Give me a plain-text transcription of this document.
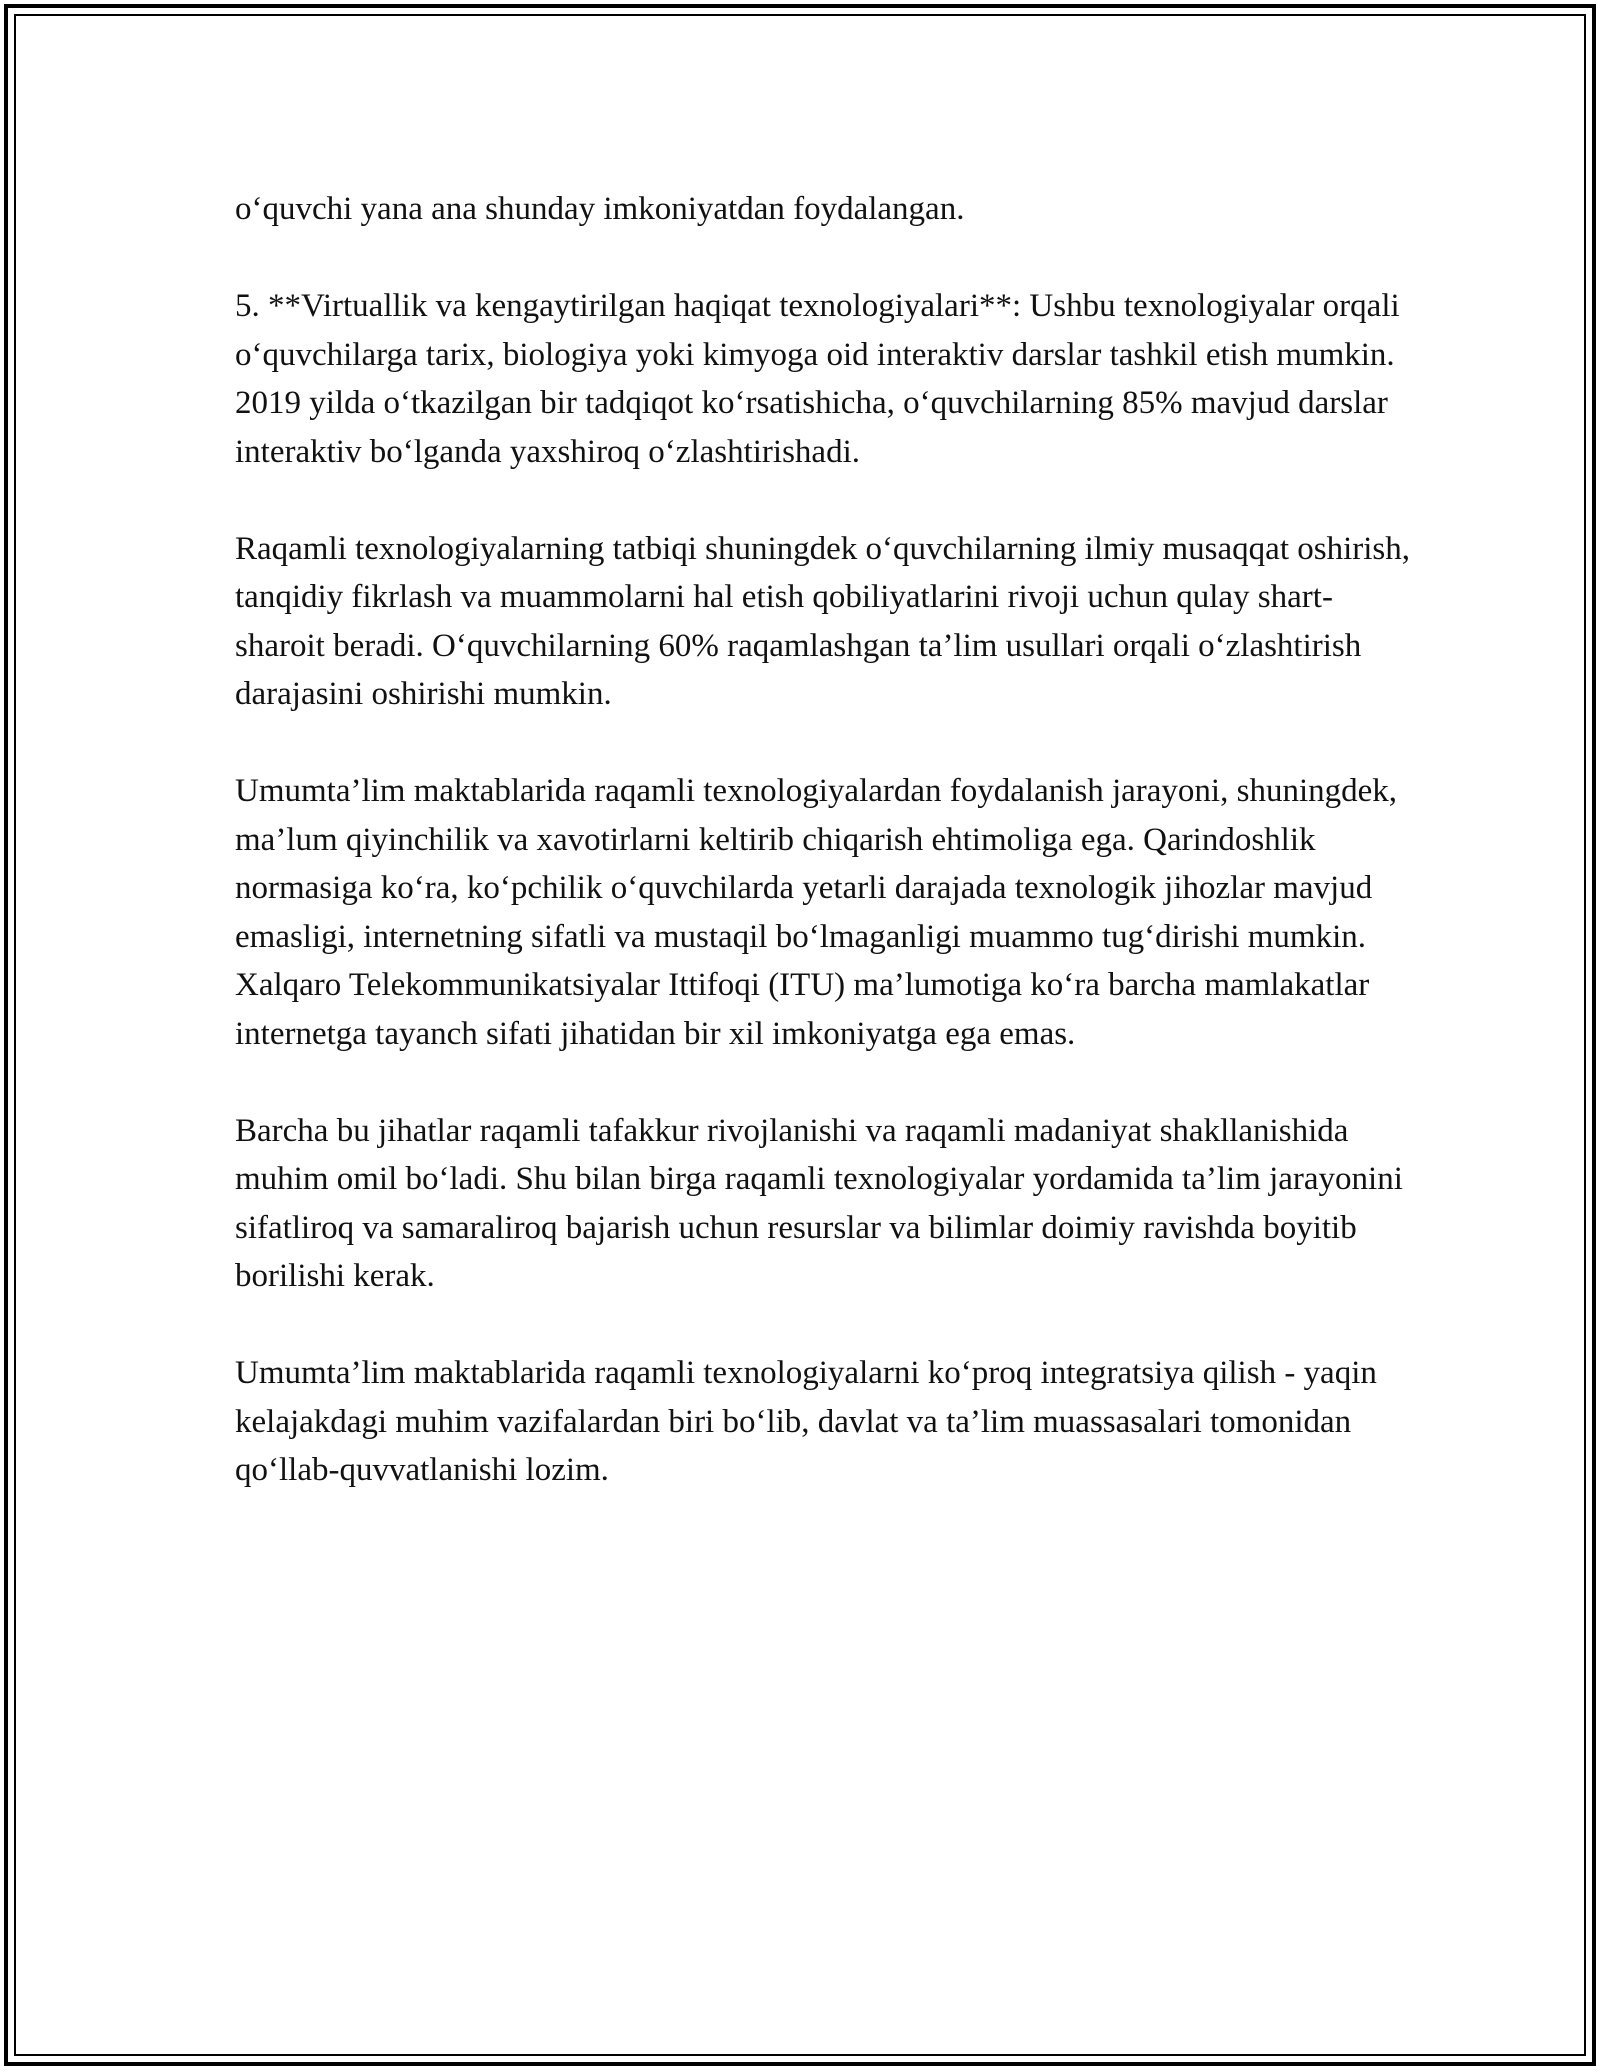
o‘quvchi yana ana shunday imkoniyatdan foydalangan.

5. **Virtuallik va kengaytirilgan haqiqat texnologiyalari**: Ushbu texnologiyalar orqali o‘quvchilarga tarix, biologiya yoki kimyoga oid interaktiv darslar tashkil etish mumkin. 2019 yilda o‘tkazilgan bir tadqiqot ko‘rsatishicha, o‘quvchilarning 85% mavjud darslar interaktiv bo‘lganda yaxshiroq o‘zlashtirishadi.

Raqamli texnologiyalarning tatbiqi shuningdek o‘quvchilarning ilmiy musaqqat oshirish, tanqidiy fikrlash va muammolarni hal etish qobiliyatlarini rivoji uchun qulay shart-sharoit beradi. O‘quvchilarning 60% raqamlashgan ta’lim usullari orqali o‘zlashtirish darajasini oshirishi mumkin.

Umumta’lim maktablarida raqamli texnologiyalardan foydalanish jarayoni, shuningdek, ma’lum qiyinchilik va xavotirlarni keltirib chiqarish ehtimoliga ega. Qarindoshlik normasiga ko‘ra, ko‘pchilik o‘quvchilarda yetarli darajada texnologik jihozlar mavjud emasligi, internetning sifatli va mustaqil bo‘lmaganligi muammo tug‘dirishi mumkin. Xalqaro Telekommunikatsiyalar Ittifoqi (ITU) ma’lumotiga ko‘ra barcha mamlakatlar internetga tayanch sifati jihatidan bir xil imkoniyatga ega emas.

Barcha bu jihatlar raqamli tafakkur rivojlanishi va raqamli madaniyat shakllanishida muhim omil bo‘ladi. Shu bilan birga raqamli texnologiyalar yordamida ta’lim jarayonini sifatliroq va samaraliroq bajarish uchun resurslar va bilimlar doimiy ravishda boyitib borilishi kerak.

Umumta’lim maktablarida raqamli texnologiyalarni ko‘proq integratsiya qilish - yaqin kelajakdagi muhim vazifalardan biri bo‘lib, davlat va ta’lim muassasalari tomonidan qo‘llab-quvvatlanishi lozim.
